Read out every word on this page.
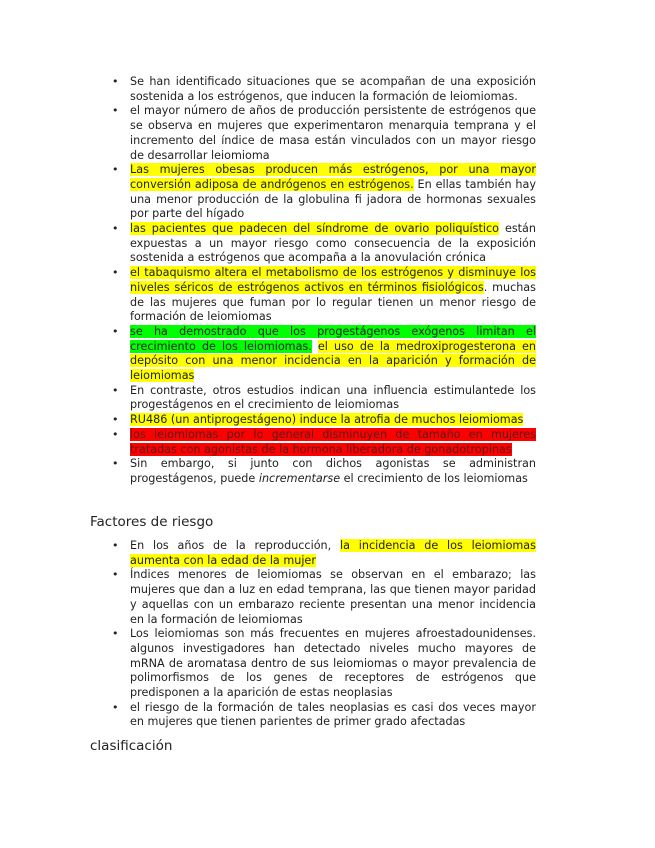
• Se han identificado situaciones que se acompañan de una exposición sostenida a los estrógenos, que inducen la formación de leiomiomas.
• el mayor número de años de producción persistente de estrógenos que se observa en mujeres que experimentaron menarquia temprana y el incremento del índice de masa están vinculados con un mayor riesgo de desarrollar leiomioma
• Las mujeres obesas producen más estrógenos, por una mayor conversión adiposa de andrógenos en estrógenos. En ellas también hay una menor producción de la globulina fi jadora de hormonas sexuales por parte del hígado
• las pacientes que padecen del síndrome de ovario poliquístico están expuestas a un mayor riesgo como consecuencia de la exposición sostenida a estrógenos que acompaña a la anovulación crónica
• el tabaquismo altera el metabolismo de los estrógenos y disminuye los niveles séricos de estrógenos activos en términos fisiológicos. muchas de las mujeres que fuman por lo regular tienen un menor riesgo de formación de leiomiomas
• se ha demostrado que los progestágenos exógenos limitan el crecimiento de los leiomiomas. el uso de la medroxiprogesterona en depósito con una menor incidencia en la aparición y formación de leiomiomas
• En contraste, otros estudios indican una influencia estimulantede los progestágenos en el crecimiento de leiomiomas
• RU486 (un antiprogestágeno) induce la atrofia de muchos leiomiomas
• los leiomiomas por lo general disminuyen de tamaño en mujeres tratadas con agonistas de la hormona liberadora de gonadotropinas
• Sin embargo, si junto con dichos agonistas se administran progestágenos, puede incrementarse el crecimiento de los leiomiomas
Factores de riesgo
• En los años de la reproducción, la incidencia de los leiomiomas aumenta con la edad de la mujer
• Índices menores de leiomiomas se observan en el embarazo; las mujeres que dan a luz en edad temprana, las que tienen mayor paridad y aquellas con un embarazo reciente presentan una menor incidencia en la formación de leiomiomas
• Los leiomiomas son más frecuentes en mujeres afroestadounidenses. algunos investigadores han detectado niveles mucho mayores de mRNA de aromatasa dentro de sus leiomiomas o mayor prevalencia de polimorfismos de los genes de receptores de estrógenos que predisponen a la aparición de estas neoplasias
• el riesgo de la formación de tales neoplasias es casi dos veces mayor en mujeres que tienen parientes de primer grado afectadas
clasificación
